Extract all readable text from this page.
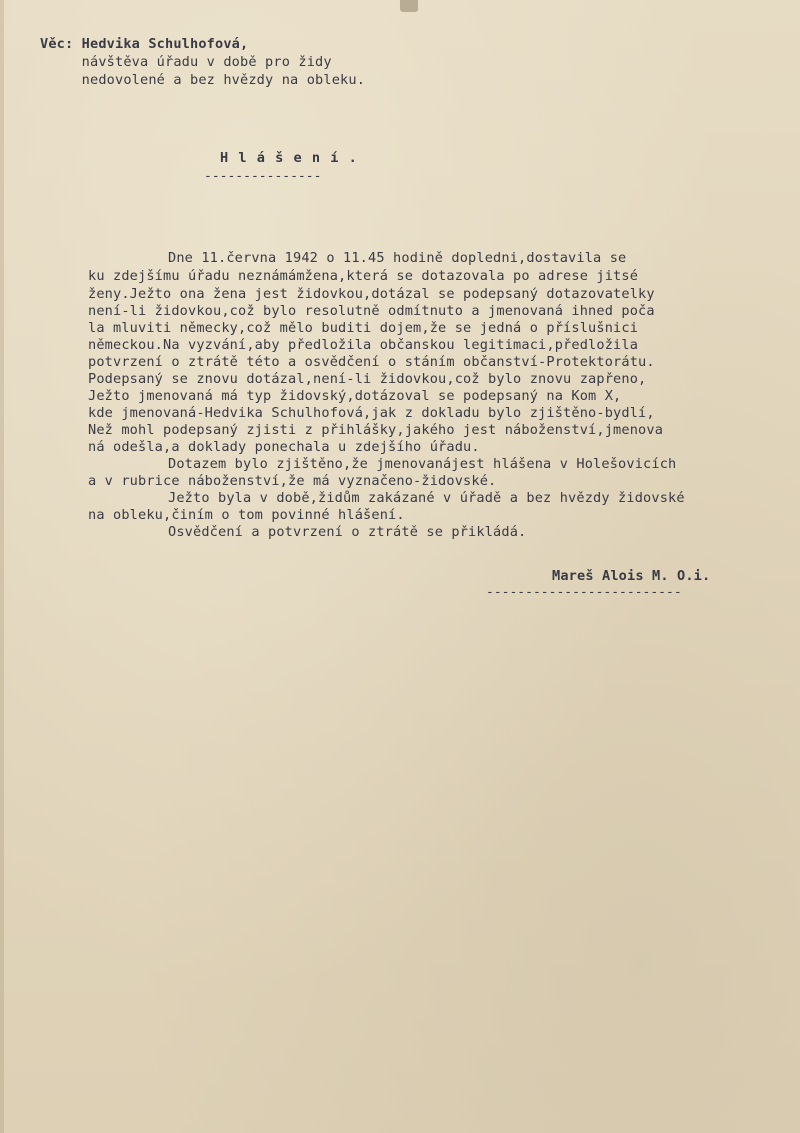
Věc: Hedvika Schulhofová,
návštěva úřadu v době pro židy
nedovolené a bez hvězdy na obleku.
H l á š e n í .
---------------
Dne 11.června 1942 o 11.45 hodině dopledni,dostavila se
ku zdejšímu úřadu neznámámžena,která se dotazovala po adrese jitsé
ženy.Ježto ona žena jest židovkou,dotázal se podepsaný dotazovatelky
není-li židovkou,což bylo resolutně odmítnuto a jmenovaná ihned poča
la mluviti německy,což mělo buditi dojem,že se jedná o příslušnici
německou.Na vyzvání,aby předložila občanskou legitimaci,předložila
potvrzení o ztrátě této a osvědčení o stáním občanství-Protektorátu.
Podepsaný se znovu dotázal,není-li židovkou,což bylo znovu zapřeno,
Ježto jmenovaná má typ židovský,dotázoval se podepsaný na Kom X,
kde jmenovaná-Hedvika Schulhofová,jak z dokladu bylo zjištěno-bydlí,
Než mohl podepsaný zjisti z přihlášky,jakého jest náboženství,jmenova
ná odešla,a doklady ponechala u zdejšího úřadu.
Dotazem bylo zjištěno,že jmenovanájest hlášena v Holešovicích
a v rubrice náboženství,že má vyznačeno-židovské.
Ježto byla v době,židům zakázané v úřadě a bez hvězdy židovské
na obleku,činím o tom povinné hlášení.
Osvědčení a potvrzení o ztrátě se přikládá.
Mareš Alois M. O.i.
-------------------------
